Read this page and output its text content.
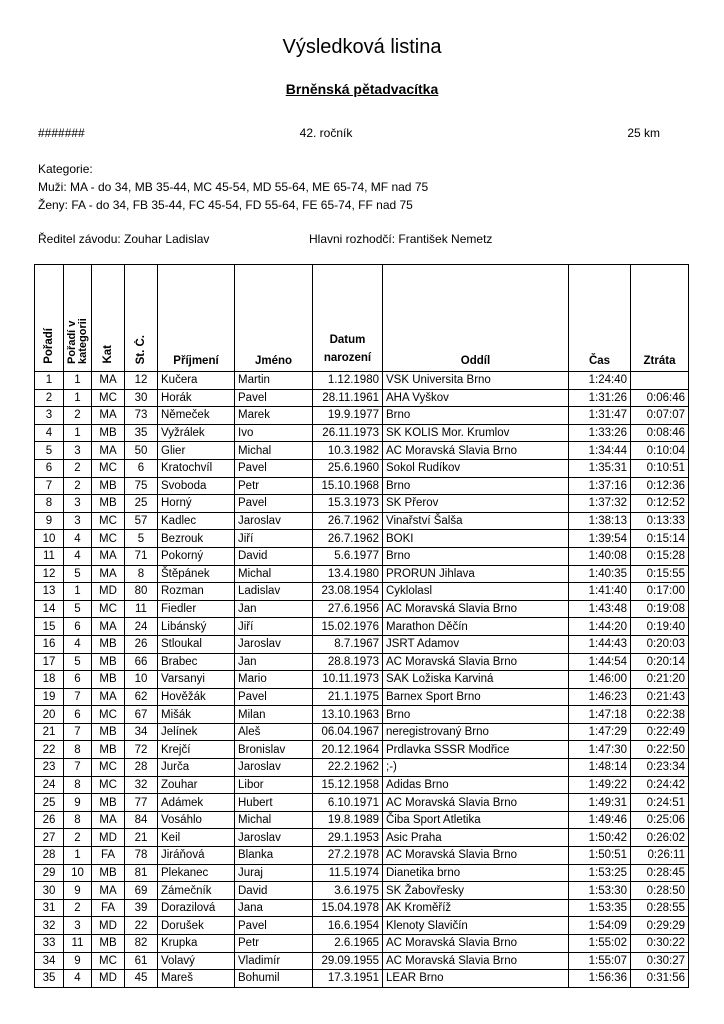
Výsledková listina
Brněnská pětadvacítka
#######	42. ročník	25 km
Kategorie:
Muži: MA - do 34, MB 35-44, MC 45-54, MD 55-64, ME 65-74, MF nad 75
Ženy: FA - do 34, FB 35-44, FC 45-54, FD 55-64, FE 65-74, FF nad 75
Ředitel závodu: Zouhar Ladislav	Hlavni rozhodčí: František Nemetz
Pořadí	Pořadí v kategorii	Kat	St. Č.	Příjmení	Jméno	Datum narození	Oddíl	Čas	Ztráta
1	1	MA	12	Kučera	Martin	1.12.1980	VSK Universita Brno	1:24:40	
2	1	MC	30	Horák	Pavel	28.11.1961	AHA Vyškov	1:31:26	0:06:46
3	2	MA	73	Němeček	Marek	19.9.1977	Brno	1:31:47	0:07:07
4	1	MB	35	Vyžrálek	Ivo	26.11.1973	SK KOLIS Mor. Krumlov	1:33:26	0:08:46
5	3	MA	50	Glier	Michal	10.3.1982	AC Moravská Slavia Brno	1:34:44	0:10:04
6	2	MC	6	Kratochvíl	Pavel	25.6.1960	Sokol Rudíkov	1:35:31	0:10:51
7	2	MB	75	Svoboda	Petr	15.10.1968	Brno	1:37:16	0:12:36
8	3	MB	25	Horný	Pavel	15.3.1973	SK Přerov	1:37:32	0:12:52
9	3	MC	57	Kadlec	Jaroslav	26.7.1962	Vinařství Šalša	1:38:13	0:13:33
10	4	MC	5	Bezrouk	Jiří	26.7.1962	BOKI	1:39:54	0:15:14
11	4	MA	71	Pokorný	David	5.6.1977	Brno	1:40:08	0:15:28
12	5	MA	8	Štěpánek	Michal	13.4.1980	PRORUN Jihlava	1:40:35	0:15:55
13	1	MD	80	Rozman	Ladislav	23.08.1954	Cyklolasl	1:41:40	0:17:00
14	5	MC	11	Fiedler	Jan	27.6.1956	AC Moravská Slavia Brno	1:43:48	0:19:08
15	6	MA	24	Libánský	Jiří	15.02.1976	Marathon Děčín	1:44:20	0:19:40
16	4	MB	26	Stloukal	Jaroslav	8.7.1967	JSRT Adamov	1:44:43	0:20:03
17	5	MB	66	Brabec	Jan	28.8.1973	AC Moravská Slavia Brno	1:44:54	0:20:14
18	6	MB	10	Varsanyi	Mario	10.11.1973	SAK Ložiska Karviná	1:46:00	0:21:20
19	7	MA	62	Hověžák	Pavel	21.1.1975	Barnex Sport Brno	1:46:23	0:21:43
20	6	MC	67	Mišák	Milan	13.10.1963	Brno	1:47:18	0:22:38
21	7	MB	34	Jelínek	Aleš	06.04.1967	neregistrovaný Brno	1:47:29	0:22:49
22	8	MB	72	Krejčí	Bronislav	20.12.1964	Prdlavka SSSR Modřice	1:47:30	0:22:50
23	7	MC	28	Jurča	Jaroslav	22.2.1962	;-)	1:48:14	0:23:34
24	8	MC	32	Zouhar	Libor	15.12.1958	Adidas Brno	1:49:22	0:24:42
25	9	MB	77	Adámek	Hubert	6.10.1971	AC Moravská Slavia Brno	1:49:31	0:24:51
26	8	MA	84	Vosáhlo	Michal	19.8.1989	Čiba Sport Atletika	1:49:46	0:25:06
27	2	MD	21	Keil	Jaroslav	29.1.1953	Asic Praha	1:50:42	0:26:02
28	1	FA	78	Jiráňová	Blanka	27.2.1978	AC Moravská Slavia Brno	1:50:51	0:26:11
29	10	MB	81	Plekanec	Juraj	11.5.1974	Dianetika brno	1:53:25	0:28:45
30	9	MA	69	Zámečník	David	3.6.1975	SK Žabovřesky	1:53:30	0:28:50
31	2	FA	39	Dorazilová	Jana	15.04.1978	AK Kroměříž	1:53:35	0:28:55
32	3	MD	22	Dorušek	Pavel	16.6.1954	Klenoty Slavičín	1:54:09	0:29:29
33	11	MB	82	Krupka	Petr	2.6.1965	AC Moravská Slavia Brno	1:55:02	0:30:22
34	9	MC	61	Volavý	Vladimír	29.09.1955	AC Moravská Slavia Brno	1:55:07	0:30:27
35	4	MD	45	Mareš	Bohumil	17.3.1951	LEAR Brno	1:56:36	0:31:56
